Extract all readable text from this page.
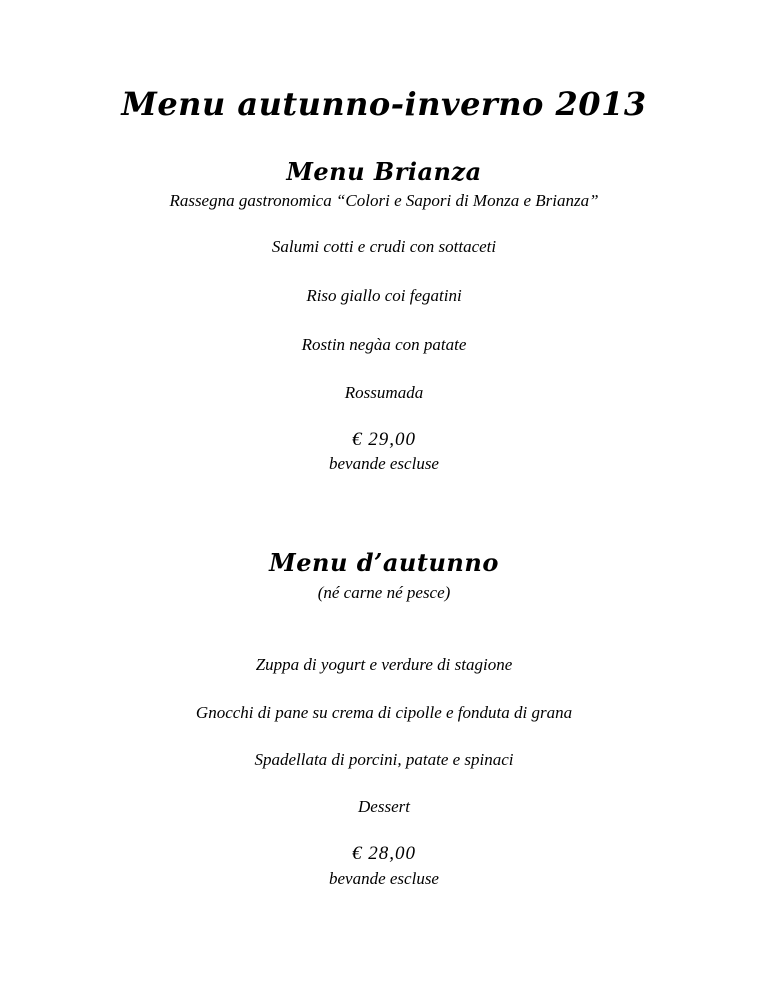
Menu autunno-inverno 2013
Menu Brianza
Rassegna gastronomica “Colori e Sapori di Monza e Brianza”
Salumi cotti e crudi con sottaceti
Riso giallo coi fegatini
Rostin negàa con patate
Rossumada
€ 29,00
bevande escluse
Menu d’autunno
(né carne né pesce)
Zuppa di yogurt e verdure di stagione
Gnocchi di pane su crema di cipolle e fonduta di grana
Spadellata di porcini, patate e spinaci
Dessert
€ 28,00
bevande escluse
